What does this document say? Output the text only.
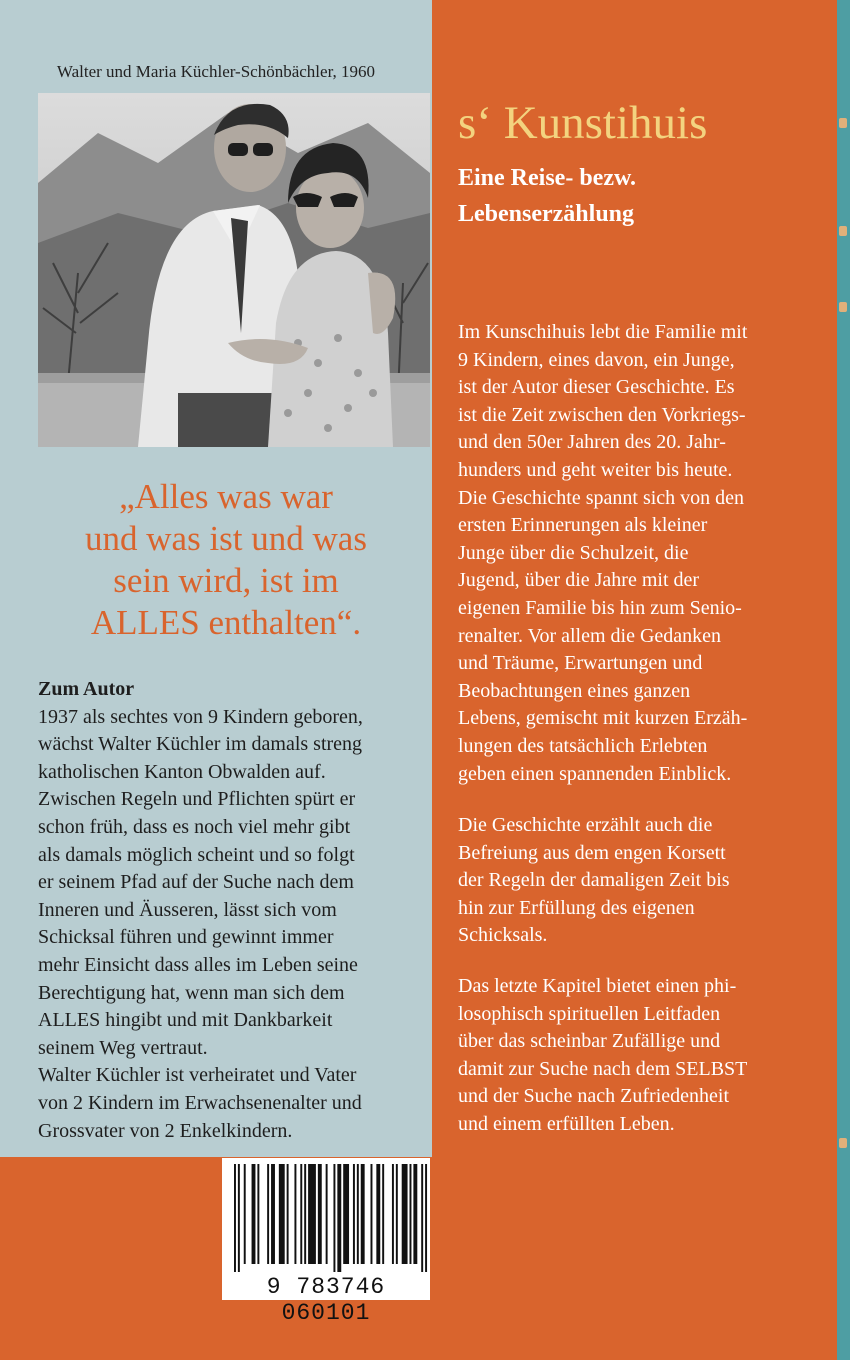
Walter und Maria Küchler-Schönbächler, 1960
„Alles was war
und was ist und was
sein wird, ist im
ALLES enthalten“.
Zum Autor

1937 als sechtes von 9 Kindern geboren,
wächst Walter Küchler im damals streng
katholischen Kanton Obwalden auf.
Zwischen Regeln und Pflichten spürt er
schon früh, dass es noch viel mehr gibt
als damals möglich scheint und so folgt
er seinem Pfad auf der Suche nach dem
Inneren und Äusseren, lässt sich vom
Schicksal führen und gewinnt immer
mehr Einsicht dass alles im Leben seine
Berechtigung hat, wenn man sich dem
ALLES hingibt und mit Dankbarkeit
seinem Weg vertraut.
Walter Küchler ist verheiratet und Vater
von 2 Kindern im Erwachsenenalter und
Grossvater von 2 Enkelkindern.

9 783746 060101
s‘ Kunstihuis
Eine Reise- bezw.
Lebenserzählung
Im Kunschihuis lebt die Familie mit
9 Kindern, eines davon, ein Junge,
ist der Autor dieser Geschichte. Es
ist die Zeit zwischen den Vorkriegs-
und den 50er Jahren des 20. Jahr-
hunders und geht weiter bis heute.
Die Geschichte spannt sich von den
ersten Erinnerungen als kleiner
Junge über die Schulzeit, die
Jugend, über die Jahre mit der
eigenen Familie bis hin zum Senio-
renalter. Vor allem die Gedanken
und Träume, Erwartungen und
Beobachtungen eines ganzen
Lebens, gemischt mit kurzen Erzäh-
lungen des tatsächlich Erlebten
geben einen spannenden Einblick.
Die Geschichte erzählt auch die
Befreiung aus dem engen Korsett
der Regeln der damaligen Zeit bis
hin zur Erfüllung des eigenen
Schicksals.
Das letzte Kapitel bietet einen phi-
losophisch spirituellen Leitfaden
über das scheinbar Zufällige und
damit zur Suche nach dem SELBST
und der Suche nach Zufriedenheit
und einem erfüllten Leben.
